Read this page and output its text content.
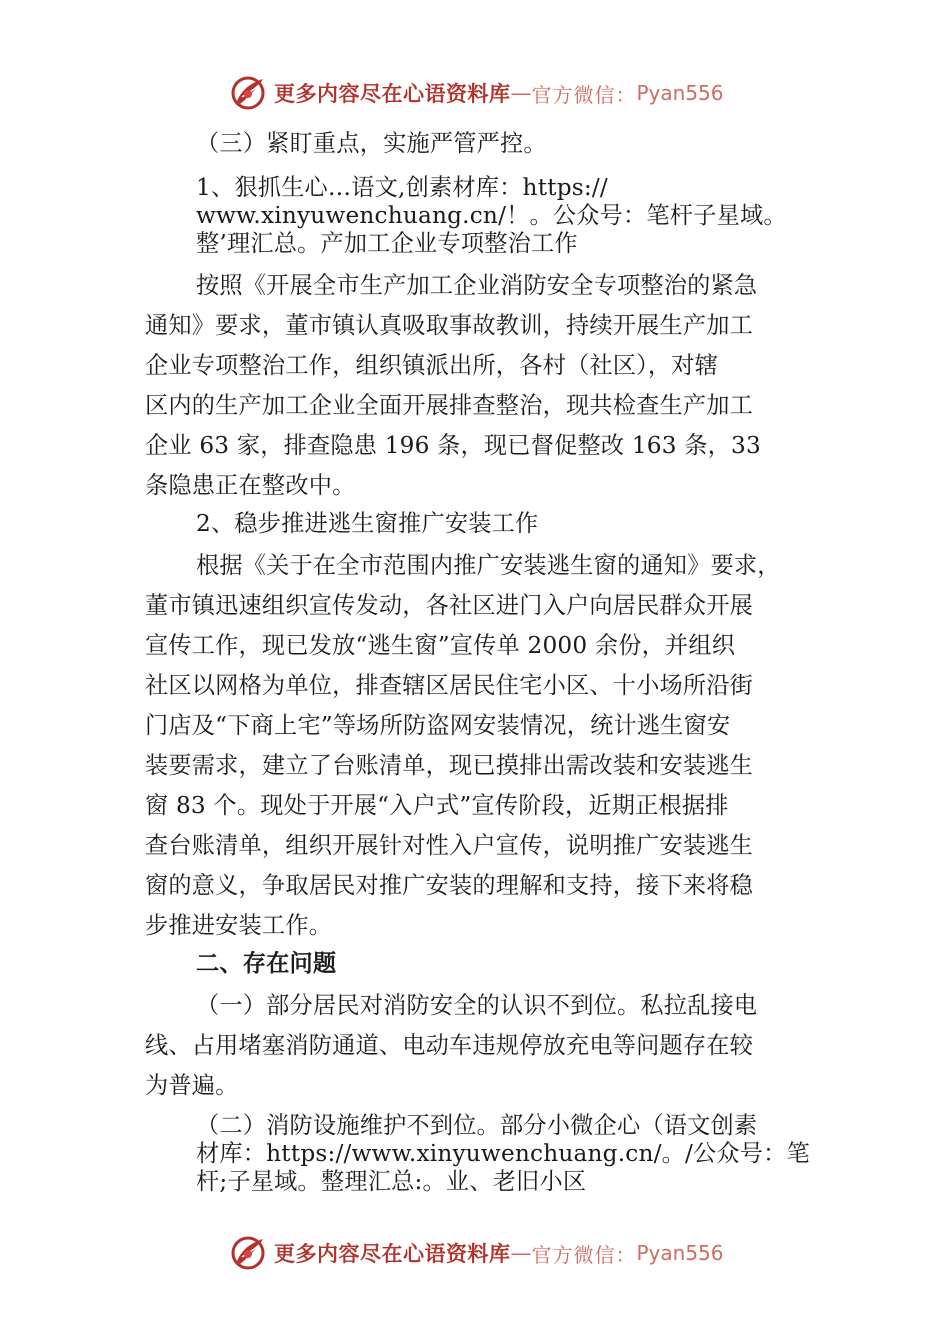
更多内容尽在心语资料库 — 官方微信： Pyan556
（三）紧盯重点，实施严管严控。
1、狠抓生心…语文,创素材库：https://
www.xinyuwenchuang.cn/！。公众号：笔杆子星域。
整’理汇总。产加工企业专项整治工作
按照《开展全市生产加工企业消防安全专项整治的紧急
通知》要求，董市镇认真吸取事故教训，持续开展生产加工
企业专项整治工作，组织镇派出所，各村（社区），对辖
区内的生产加工企业全面开展排查整治，现共检查生产加工
企业 63 家，排查隐患 196 条，现已督促整改 163 条，33
条隐患正在整改中。
2、稳步推进逃生窗推广安装工作
根据《关于在全市范围内推广安装逃生窗的通知》要求，
董市镇迅速组织宣传发动，各社区进门入户向居民群众开展
宣传工作，现已发放“逃生窗”宣传单 2000 余份，并组织
社区以网格为单位，排查辖区居民住宅小区、十小场所沿街
门店及“下商上宅”等场所防盗网安装情况，统计逃生窗安
装要需求，建立了台账清单，现已摸排出需改装和安装逃生
窗 83 个。现处于开展“入户式”宣传阶段，近期正根据排
查台账清单，组织开展针对性入户宣传，说明推广安装逃生
窗的意义，争取居民对推广安装的理解和支持，接下来将稳
步推进安装工作。
二、存在问题
（一）部分居民对消防安全的认识不到位。私拉乱接电
线、占用堵塞消防通道、电动车违规停放充电等问题存在较
为普遍。
（二）消防设施维护不到位。部分小微企心（语文创素
材库：https://www.xinyuwenchuang.cn/。/公众号：笔
杆;子星域。整理汇总:。业、老旧小区
更多内容尽在心语资料库 — 官方微信： Pyan556
